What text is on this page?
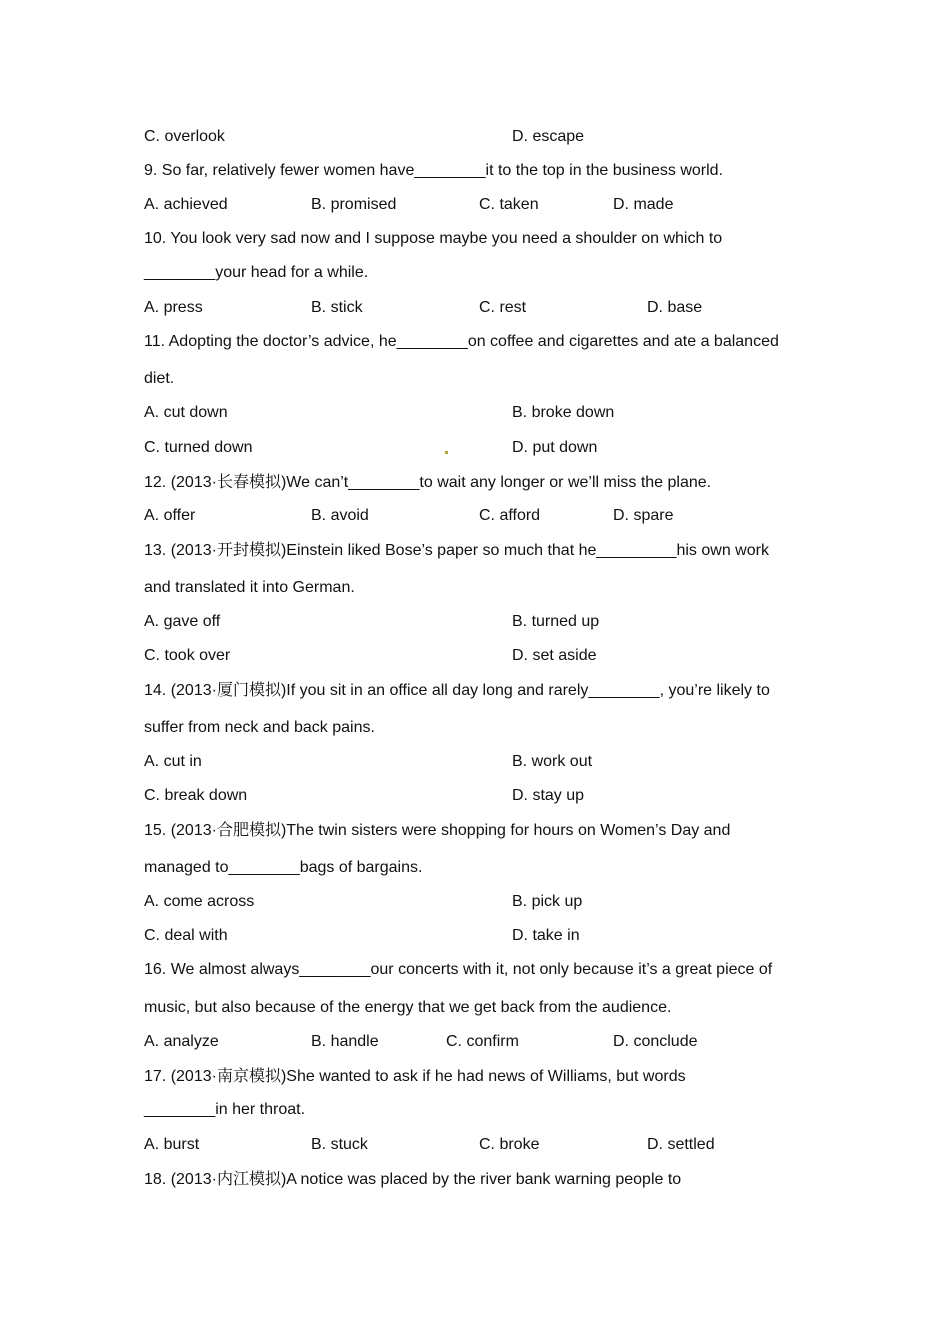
C. overlook	D. escape
9. So far, relatively fewer women have________it to the top in the business world.
A. achieved	B. promised	C. taken	D. made
10. You look very sad now and I suppose maybe you need a shoulder on which to
________your head for a while.
A. press	B. stick	C. rest	D. base
11. Adopting the doctor’s advice, he________on coffee and cigarettes and ate a balanced
diet.
A. cut down	B. broke down
C. turned down	D. put down
12. (2013·长春模拟)We can’t________to wait any longer or we’ll miss the plane.
A. offer	B. avoid	C. afford	D. spare
13. (2013·开封模拟)Einstein liked Bose’s paper so much that he_________his own work
and translated it into German.
A. gave off	B. turned up
C. took over	D. set aside
14. (2013·厦门模拟)If you sit in an office all day long and rarely________, you’re likely to
suffer from neck and back pains.
A. cut in	B. work out
C. break down	D. stay up
15. (2013·合肥模拟)The twin sisters were shopping for hours on Women’s Day and
managed to________bags of bargains.
A. come across	B. pick up
C. deal with	D. take in
16. We almost always________our concerts with it, not only because it’s a great piece of
music, but also because of the energy that we get back from the audience.
A. analyze	B. handle	C. confirm	D. conclude
17. (2013·南京模拟)She wanted to ask if he had news of Williams, but words
________in her throat.
A. burst	B. stuck	C. broke	D. settled
18. (2013·内江模拟)A notice was placed by the river bank warning people to
